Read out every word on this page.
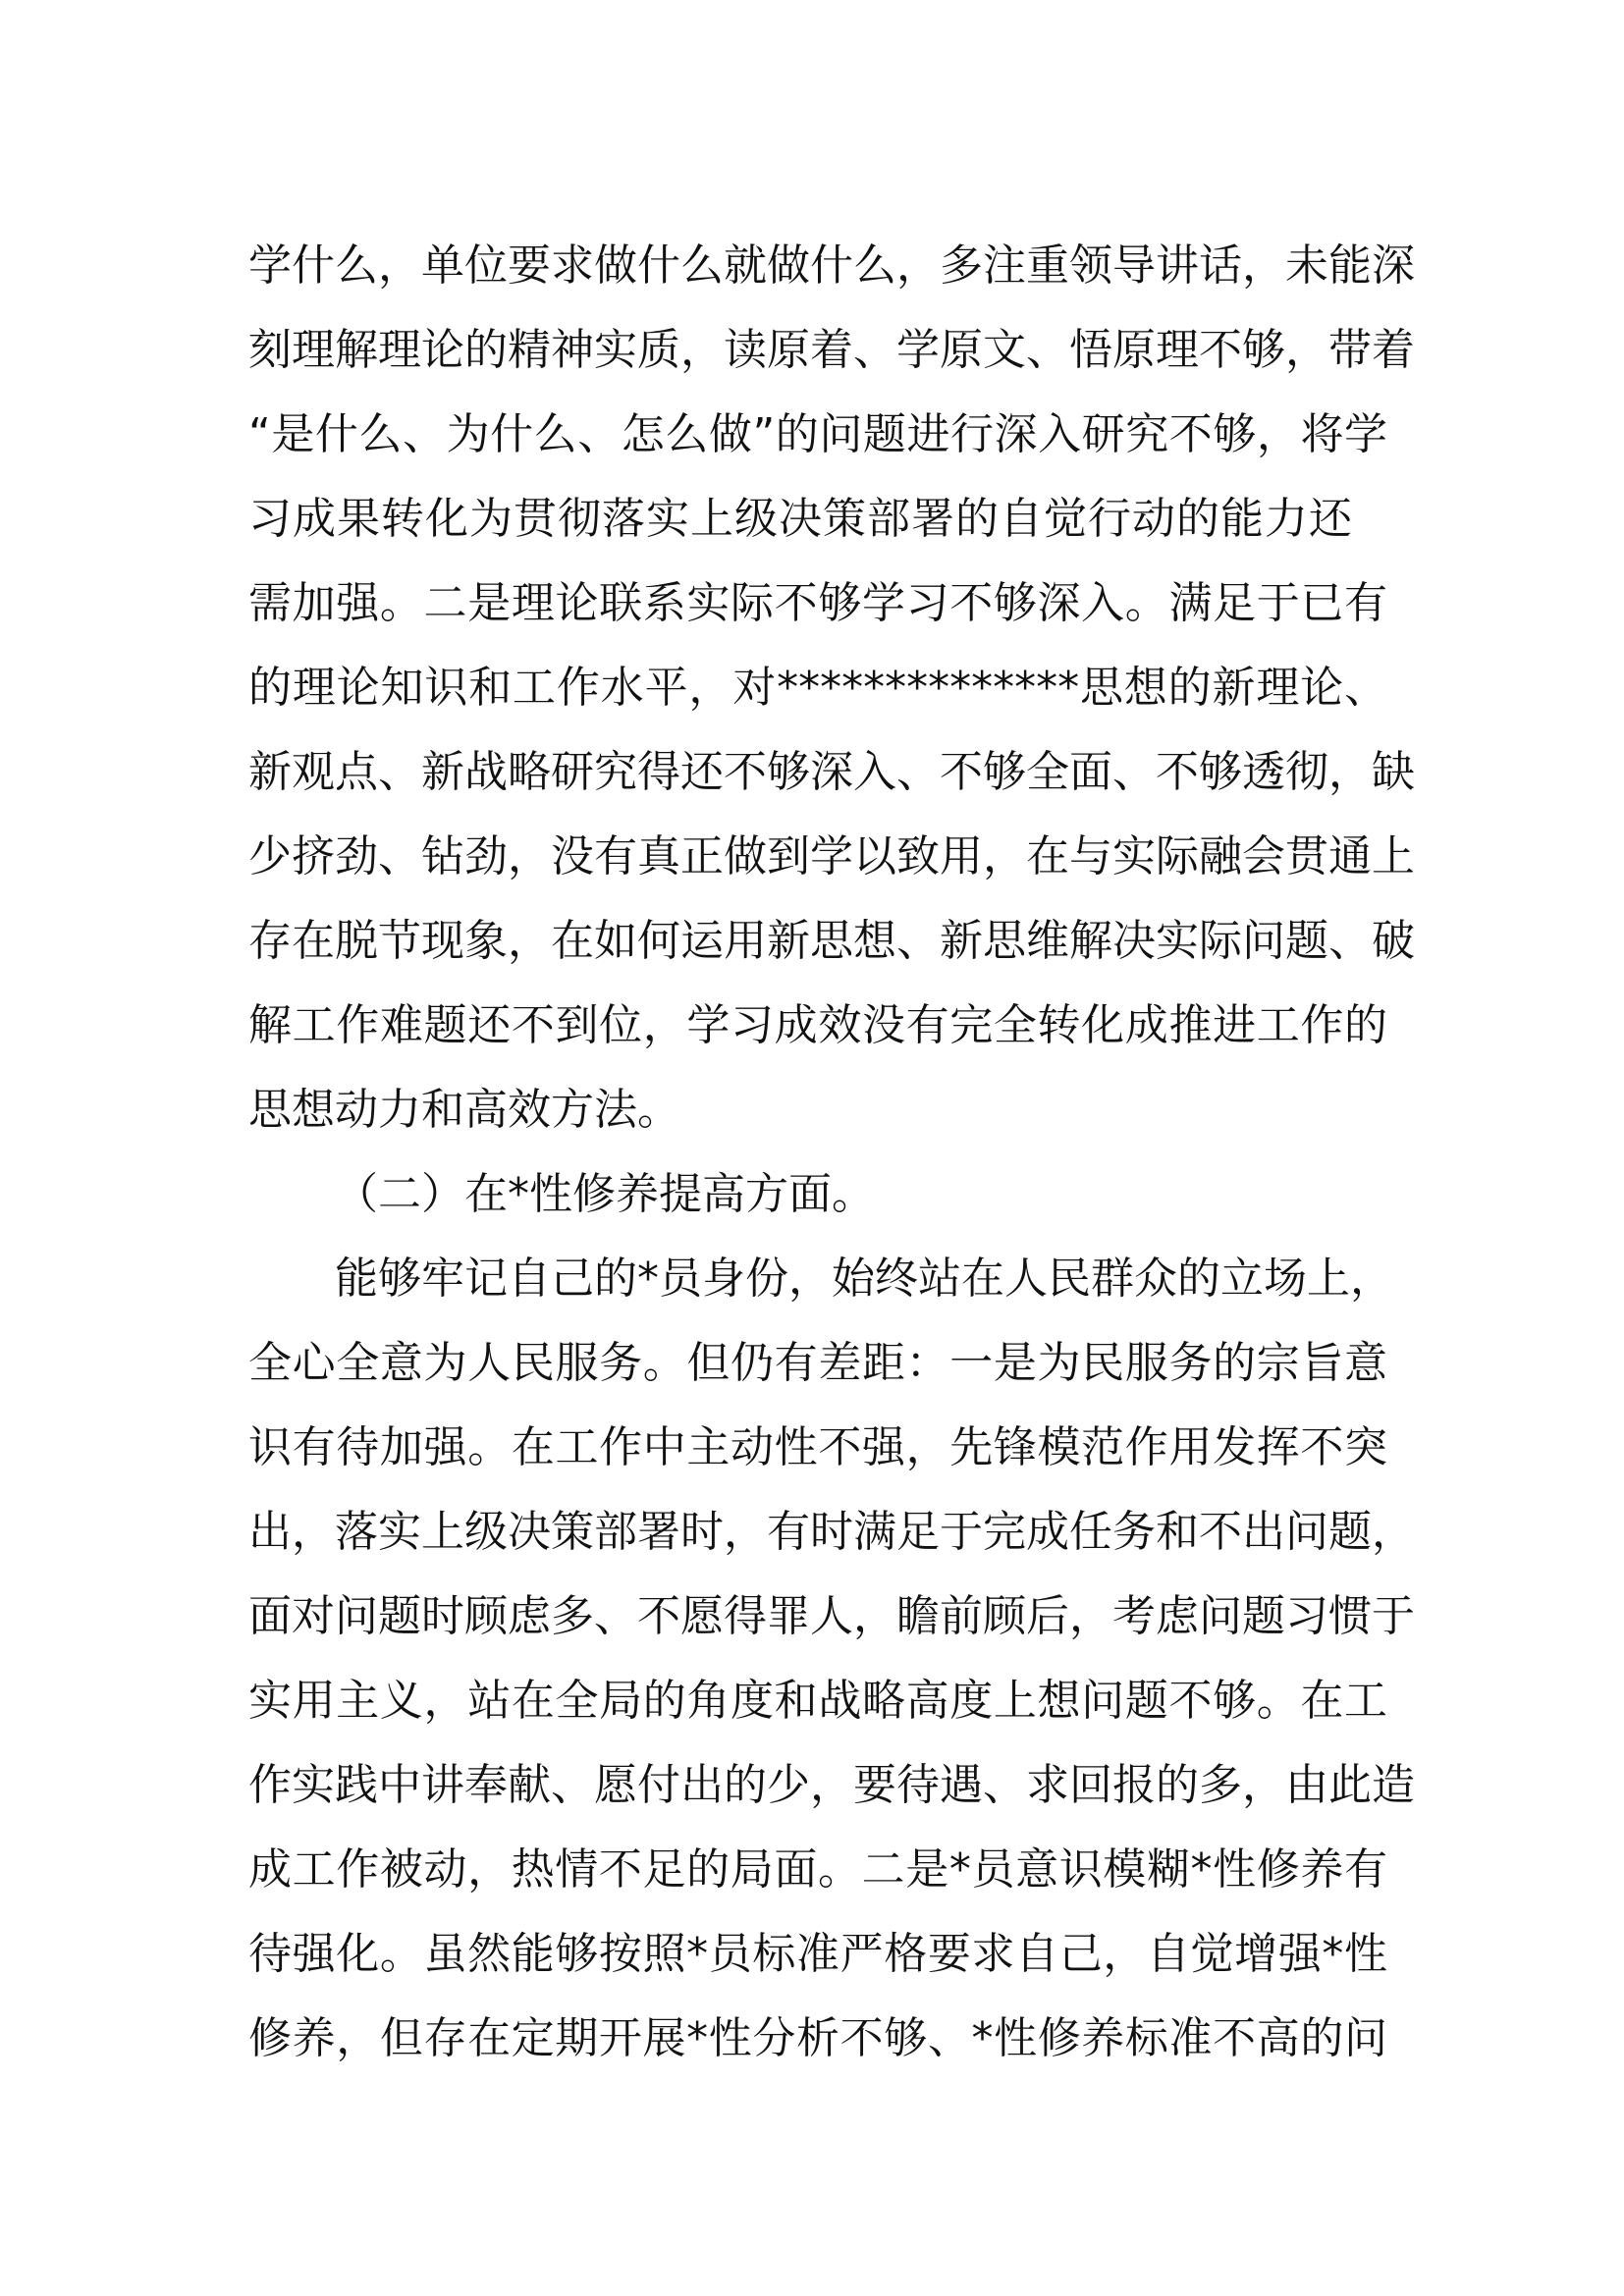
学什么，单位要求做什么就做什么，多注重领导讲话，未能深
刻理解理论的精神实质，读原着、学原文、悟原理不够，带着
“是什么、为什么、怎么做”的问题进行深入研究不够，将学
习成果转化为贯彻落实上级决策部署的自觉行动的能力还
需加强。二是理论联系实际不够学习不够深入。满足于已有
的理论知识和工作水平，对**************思想的新理论、
新观点、新战略研究得还不够深入、不够全面、不够透彻，缺
少挤劲、钻劲，没有真正做到学以致用，在与实际融会贯通上
存在脱节现象，在如何运用新思想、新思维解决实际问题、破
解工作难题还不到位，学习成效没有完全转化成推进工作的
思想动力和高效方法。
（二）在*性修养提高方面。
能够牢记自己的*员身份，始终站在人民群众的立场上，
全心全意为人民服务。但仍有差距：一是为民服务的宗旨意
识有待加强。在工作中主动性不强，先锋模范作用发挥不突
出，落实上级决策部署时，有时满足于完成任务和不出问题，
面对问题时顾虑多、不愿得罪人，瞻前顾后，考虑问题习惯于
实用主义，站在全局的角度和战略高度上想问题不够。在工
作实践中讲奉献、愿付出的少，要待遇、求回报的多，由此造
成工作被动，热情不足的局面。二是*员意识模糊*性修养有
待强化。虽然能够按照*员标准严格要求自己，自觉增强*性
修养，但存在定期开展*性分析不够、*性修养标准不高的问
